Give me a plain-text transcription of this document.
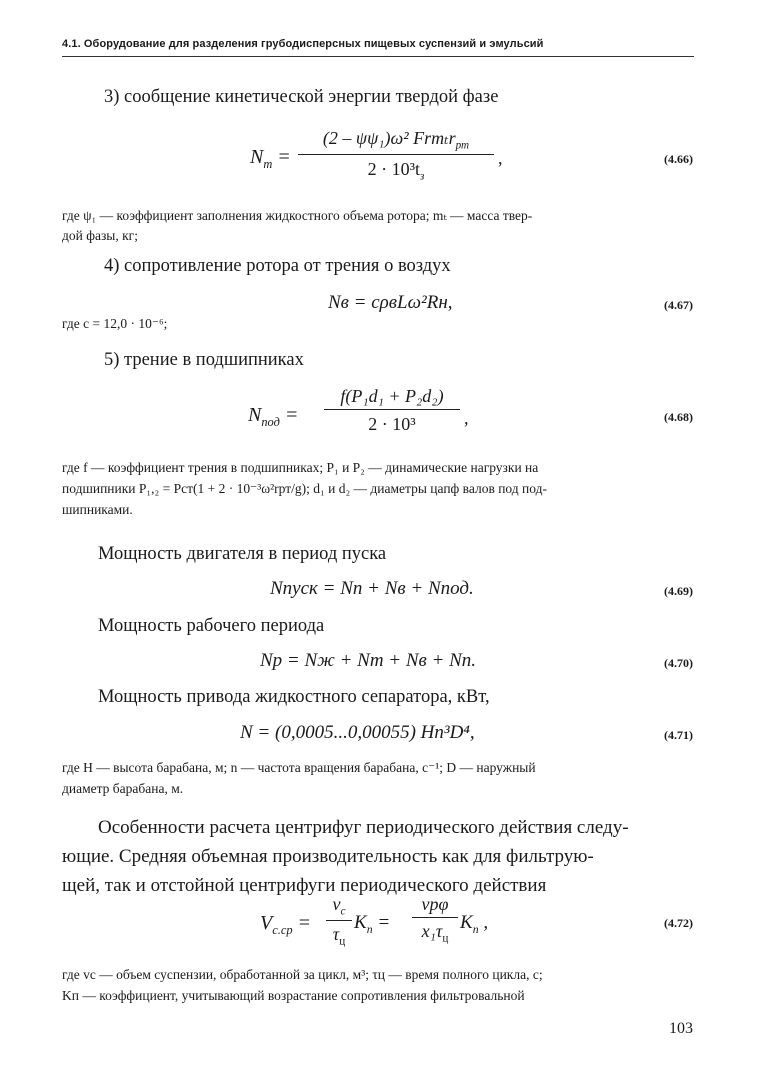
4.1. Оборудование для разделения грубодисперсных пищевых суспензий и эмульсий
3) сообщение кинетической энергии твердой фазе
$N_т$ =
(2 – ψψ₁)ω² Frmₜr$_{рт}$
$2 \cdot 10^3t_з$
,	(4.66)
где ψ₁ — коэффициент заполнения жидкостного объема ротора; mₜ — масса твер-
дой фазы, кг;
4) сопротивление ротора от трения о воздух
Nв = cρвLω²Rн,	(4.67)
где c = 12,0 · 10⁻⁶;
5) трение в подшипниках
$N_{под} = \frac{\text{f(P₁d₁ + P₂d₂)}}{\text{2 · 10³}}$ ,	(4.68)
где f — коэффициент трения в подшипниках; P₁ и P₂ — динамические нагрузки на
подшипники P₁,₂ = Pст(1 + 2 · 10⁻³ω²rрт/g); d₁ и d₂ — диаметры цапф валов под под-
шипниками.
Мощность двигателя в период пуска
Nпуск = Nп + Nв + Nпод.	(4.69)
Мощность рабочего периода
Nр = Nж + Nт + Nв + Nп.	(4.70)
Мощность привода жидкостного сепаратора, кВт,
N = (0,0005...0,00055) Hn³D⁴,	(4.71)
где H — высота барабана, м; n — частота вращения барабана, с⁻¹; D — наружный
диаметр барабана, м.
Особенности расчета центрифуг периодического действия следу-
ющие. Средняя объемная производительность как для фильтрую-
щей, так и отстойной центрифуги периодического действия
$V_{с.ср}$ =
$v_с$
$\tau_ц$
$K_п$ =
vрφ
$x_1\tau_ц$
$K_п$ ,	(4.72)
где vс — объем суспензии, обработанной за цикл, м³; τц — время полного цикла, с;
Kп — коэффициент, учитывающий возрастание сопротивления фильтровальной
103
